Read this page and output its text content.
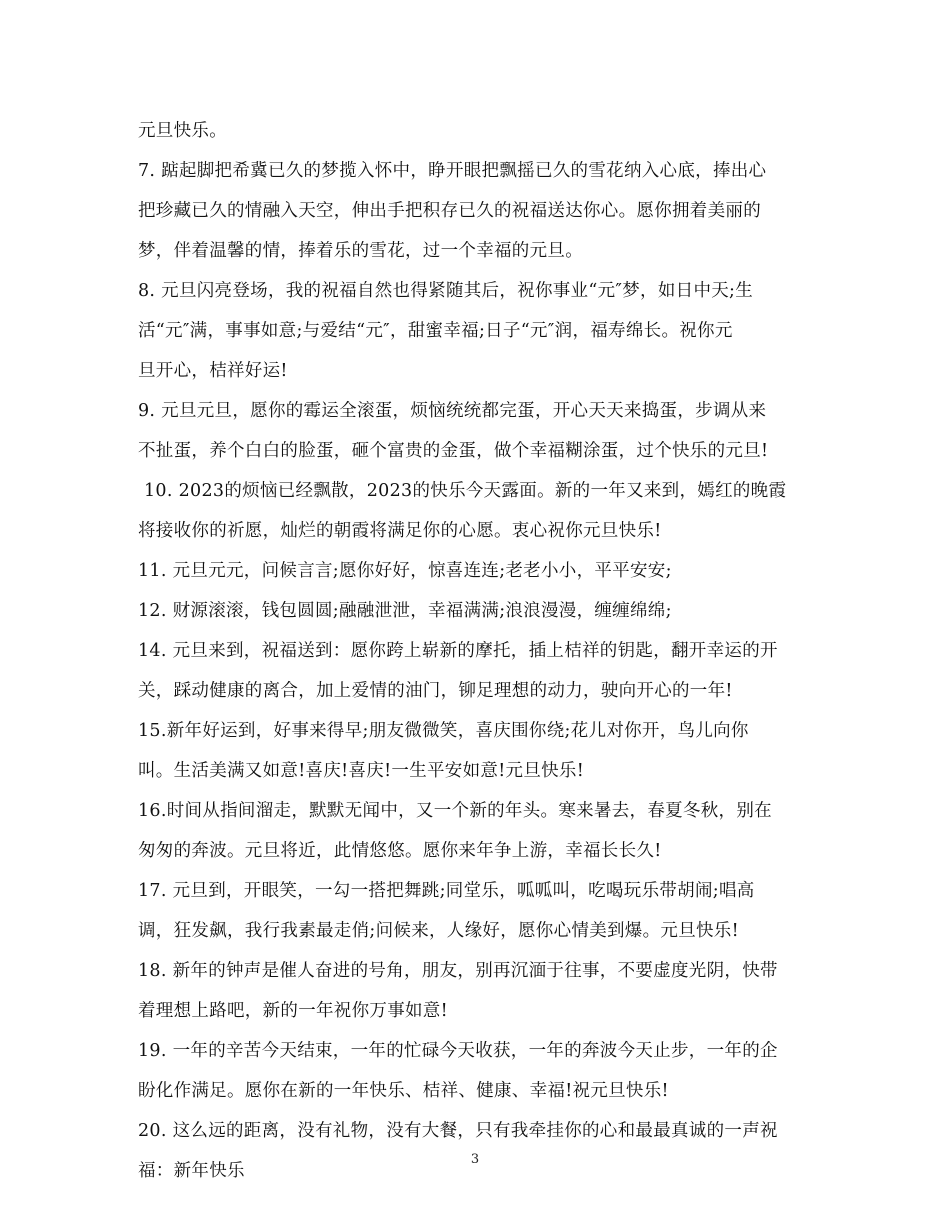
元旦快乐。
7. 踮起脚把希冀已久的梦揽入怀中，睁开眼把飘摇已久的雪花纳入心底，捧出心
把珍藏已久的情融入天空，伸出手把积存已久的祝福送达你心。愿你拥着美丽的
梦，伴着温馨的情，捧着乐的雪花，过一个幸福的元旦。
8. 元旦闪亮登场，我的祝福自然也得紧随其后，祝你事业“元″梦，如日中天;生
活“元″满，事事如意;与爱结“元″，甜蜜幸福;日子“元″润，福寿绵长。祝你元
旦开心，桔祥好运!
9. 元旦元旦，愿你的霉运全滚蛋，烦恼统统都完蛋，开心天天来捣蛋，步调从来
不扯蛋，养个白白的脸蛋，砸个富贵的金蛋，做个幸福糊涂蛋，过个快乐的元旦!
10. 2023的烦恼已经飘散，2023的快乐今天露面。新的一年又来到，嫣红的晚霞
将接收你的祈愿，灿烂的朝霞将满足你的心愿。衷心祝你元旦快乐!
11. 元旦元元，问候言言;愿你好好，惊喜连连;老老小小，平平安安;
12. 财源滚滚，钱包圆圆;融融泄泄，幸福满满;浪浪漫漫，缠缠绵绵;
14. 元旦来到，祝福送到：愿你跨上崭新的摩托，插上桔祥的钥匙，翻开幸运的开
关，踩动健康的离合，加上爱情的油门，铆足理想的动力，驶向开心的一年!
15.新年好运到，好事来得早;朋友微微笑，喜庆围你绕;花儿对你开，鸟儿向你
叫。生活美满又如意!喜庆!喜庆!一生平安如意!元旦快乐!
16.时间从指间溜走，默默无闻中，又一个新的年头。寒来暑去，春夏冬秋，别在
匆匆的奔波。元旦将近，此情悠悠。愿你来年争上游，幸福长长久!
17. 元旦到，开眼笑，一勾一搭把舞跳;同堂乐，呱呱叫，吃喝玩乐带胡闹;唱高
调，狂发飙，我行我素最走俏;问候来，人缘好，愿你心情美到爆。元旦快乐!
18. 新年的钟声是催人奋进的号角，朋友，别再沉湎于往事，不要虚度光阴，快带
着理想上路吧，新的一年祝你万事如意!
19. 一年的辛苦今天结束，一年的忙碌今天收获，一年的奔波今天止步，一年的企
盼化作满足。愿你在新的一年快乐、桔祥、健康、幸福!祝元旦快乐!
20. 这么远的距离，没有礼物，没有大餐，只有我牵挂你的心和最最真诚的一声祝
福：新年快乐
3
